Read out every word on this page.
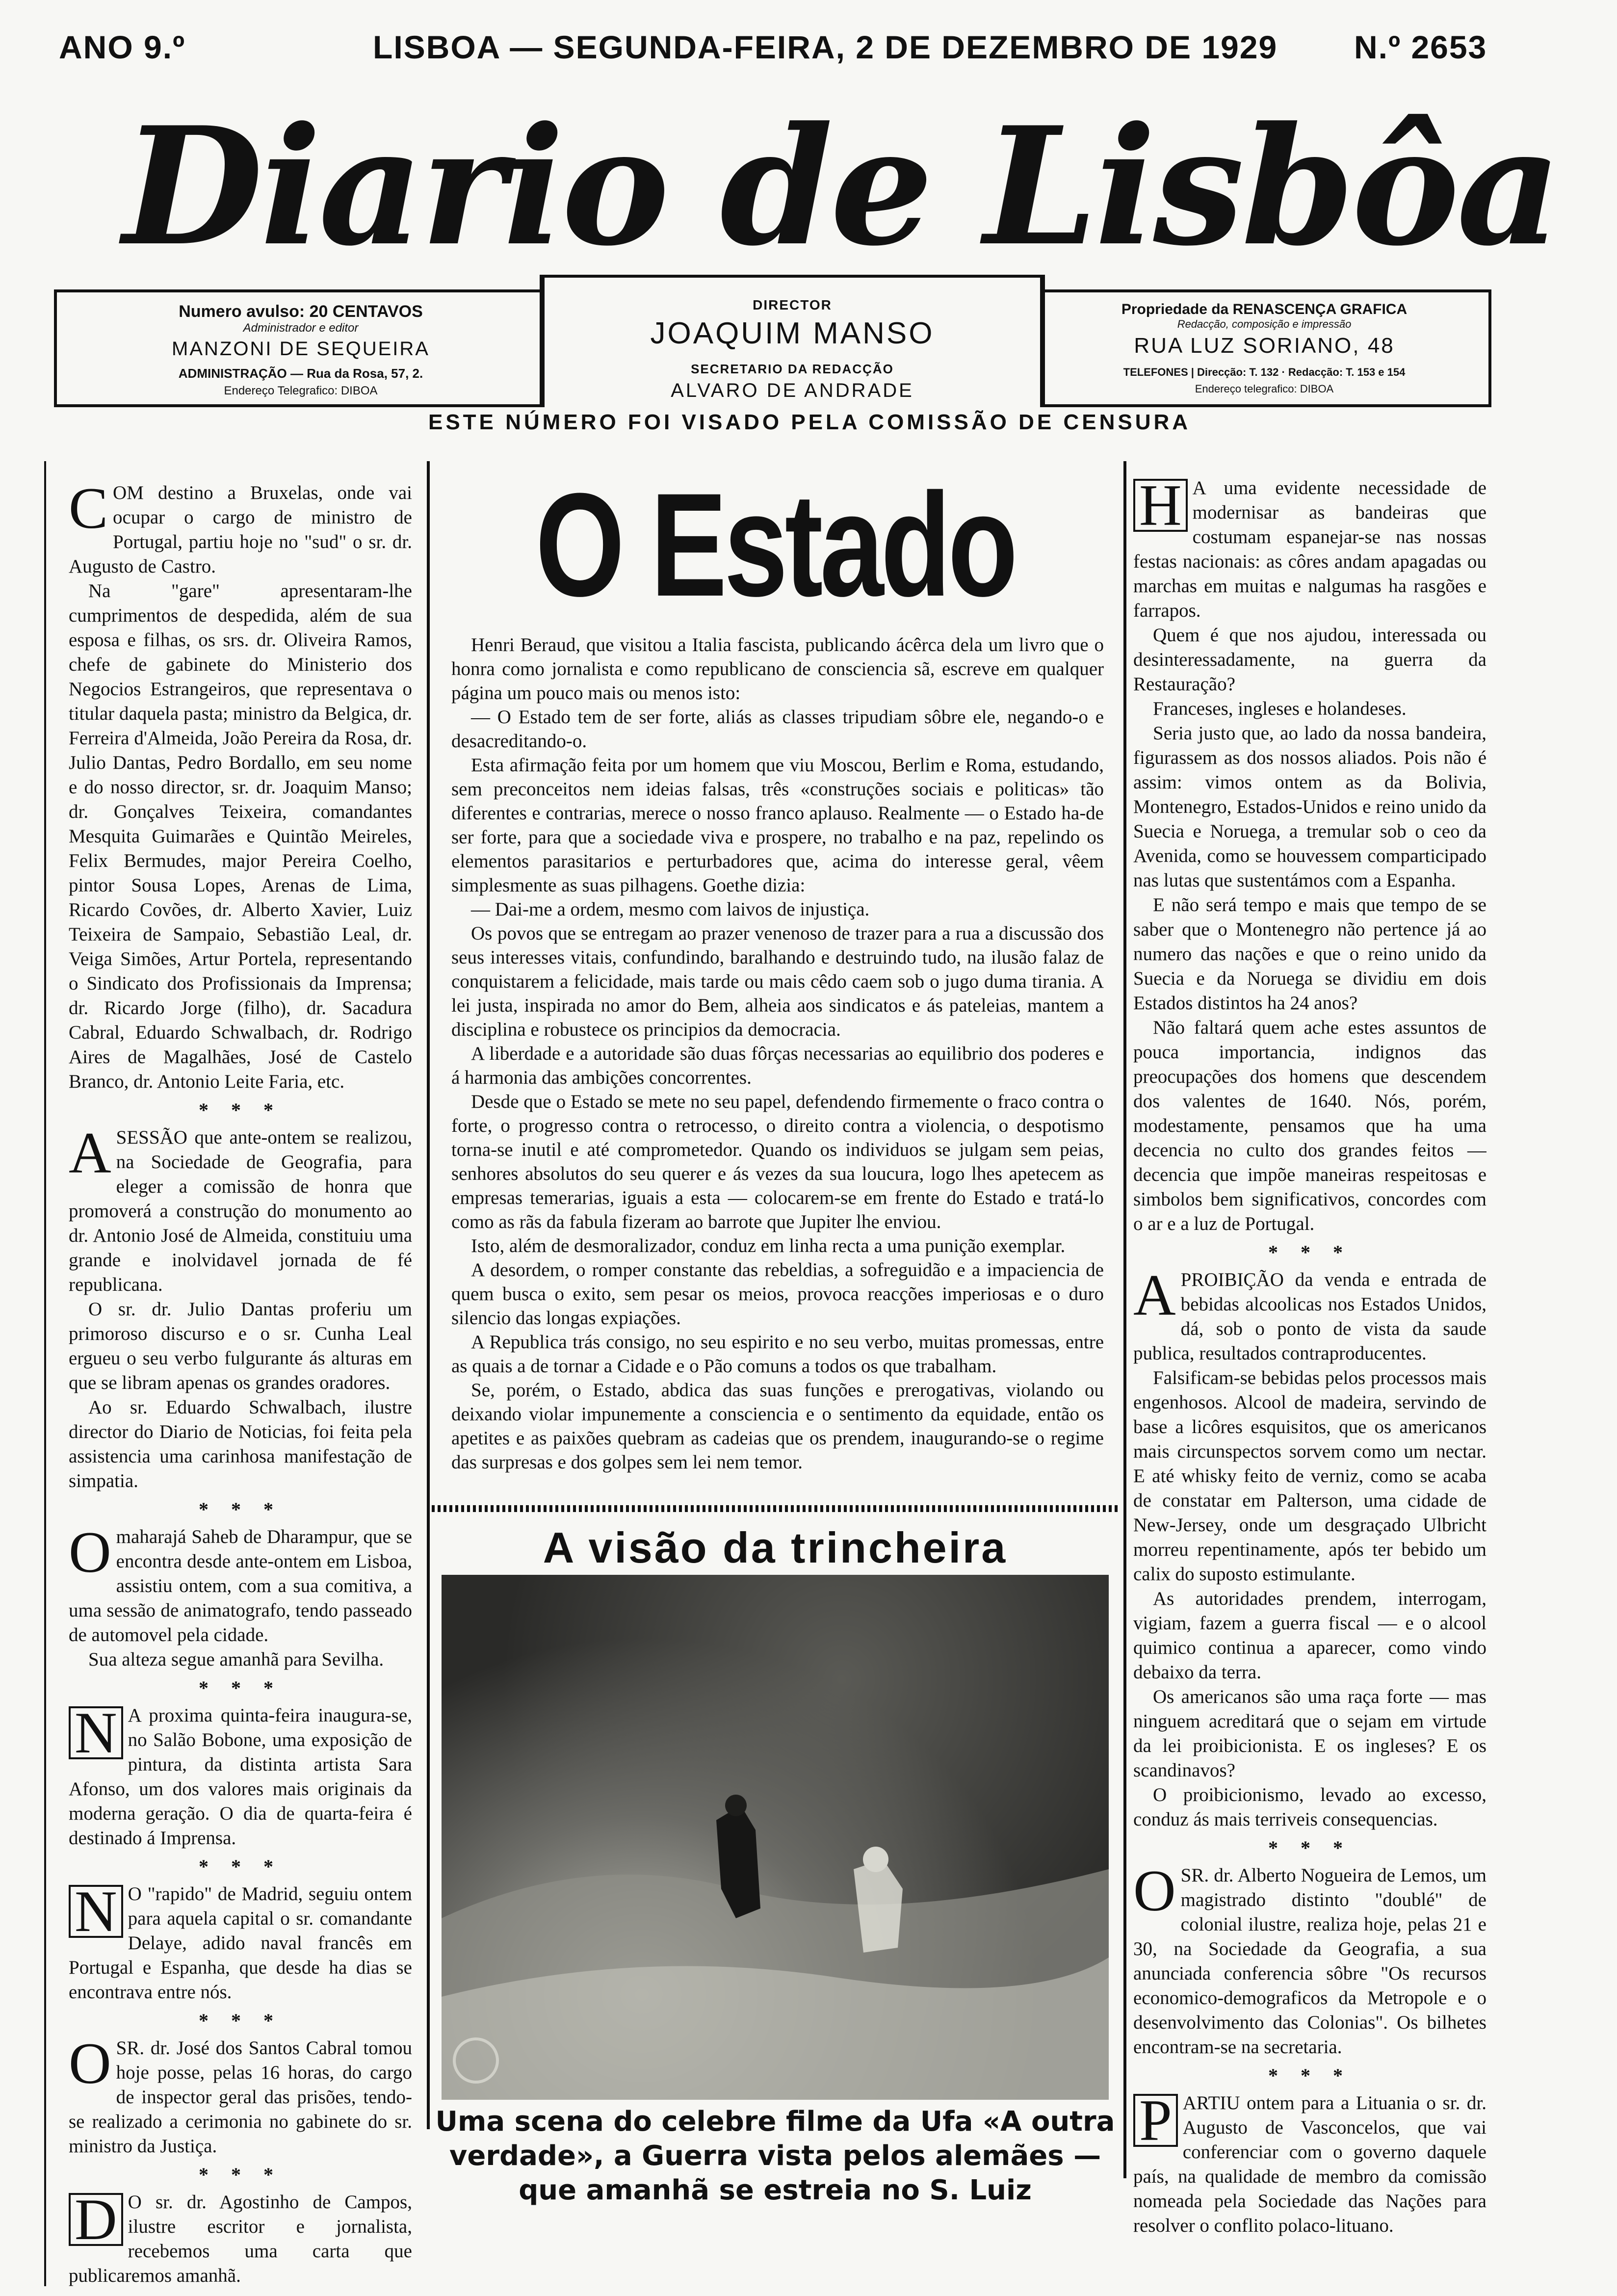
ANO 9.º	LISBOA — SEGUNDA-FEIRA, 2 DE DEZEMBRO DE 1929 N.º 2653
Diario de Lisbôa
Numero avulso: 20 CENTAVOS
Administrador e editor
MANZONI DE SEQUEIRA
ADMINISTRAÇÃO — Rua da Rosa, 57, 2.
Endereço Telegrafico: DIBOA
DIRECTOR
JOAQUIM MANSO
SECRETARIO DA REDACÇÃO
ALVARO DE ANDRADE
Propriedade da RENASCENÇA GRAFICA
Redacção, composição e impressão
RUA LUZ SORIANO, 48
TELEFONES | Direcção: T. 132 · Redacção: T. 153 e 154
Endereço telegrafico: DIBOA
ESTE NÚMERO FOI VISADO PELA COMISSÃO DE CENSURA

COM destino a Bruxelas, onde vai ocupar o cargo de ministro de Portugal, partiu hoje no "sud" o sr. dr. Augusto de Castro.

Na "gare" apresentaram-lhe cumprimentos de despedida, além de sua esposa e filhas, os srs. dr. Oliveira Ramos, chefe de gabinete do Ministerio dos Negocios Estrangeiros, que representava o titular daquela pasta; ministro da Belgica, dr. Ferreira d'Almeida, João Pereira da Rosa, dr. Julio Dantas, Pedro Bordallo, em seu nome e do nosso director, sr. dr. Joaquim Manso; dr. Gonçalves Teixeira, comandantes Mesquita Guimarães e Quintão Meireles, Felix Bermudes, major Pereira Coelho, pintor Sousa Lopes, Arenas de Lima, Ricardo Covões, dr. Alberto Xavier, Luiz Teixeira de Sampaio, Sebastião Leal, dr. Veiga Simões, Artur Portela, representando o Sindicato dos Profissionais da Imprensa; dr. Ricardo Jorge (filho), dr. Sacadura Cabral, Eduardo Schwalbach, dr. Rodrigo Aires de Magalhães, José de Castelo Branco, dr. Antonio Leite Faria, etc.

* * *

ASESSÃO que ante-ontem se realizou, na Sociedade de Geografia, para eleger a comissão de honra que promoverá a construção do monumento ao dr. Antonio José de Almeida, constituiu uma grande e inolvidavel jornada de fé republicana.

O sr. dr. Julio Dantas proferiu um primoroso discurso e o sr. Cunha Leal ergueu o seu verbo fulgurante ás alturas em que se libram apenas os grandes oradores.

Ao sr. Eduardo Schwalbach, ilustre director do Diario de Noticias, foi feita pela assistencia uma carinhosa manifestação de simpatia.

* * *

Omaharajá Saheb de Dharampur, que se encontra desde ante-ontem em Lisboa, assistiu ontem, com a sua comitiva, a uma sessão de animatografo, tendo passeado de automovel pela cidade.

Sua alteza segue amanhã para Sevilha.

* * *

N A proxima quinta-feira inaugura-se, no Salão Bobone, uma exposição de pintura, da distinta artista Sara Afonso, um dos valores mais originais da moderna geração. O dia de quarta-feira é destinado á Imprensa.

* * *

N O "rapido" de Madrid, seguiu ontem para aquela capital o sr. comandante Delaye, adido naval francês em Portugal e Espanha, que desde ha dias se encontrava entre nós.

* * *

OSR. dr. José dos Santos Cabral tomou hoje posse, pelas 16 horas, do cargo de inspector geral das prisões, tendo-se realizado a cerimonia no gabinete do sr. ministro da Justiça.

* * *

D O sr. dr. Agostinho de Campos, ilustre escritor e jornalista, recebemos uma carta que publicaremos amanhã.

O Estado

Henri Beraud, que visitou a Italia fascista, publicando ácêrca dela um livro que o honra como jornalista e como republicano de consciencia sã, escreve em qualquer página um pouco mais ou menos isto:

— O Estado tem de ser forte, aliás as classes tripudiam sôbre ele, negando-o e desacreditando-o.

Esta afirmação feita por um homem que viu Moscou, Berlim e Roma, estudando, sem preconceitos nem ideias falsas, três «construções sociais e politicas» tão diferentes e contrarias, merece o nosso franco aplauso. Realmente — o Estado ha-de ser forte, para que a sociedade viva e prospere, no trabalho e na paz, repelindo os elementos parasitarios e perturbadores que, acima do interesse geral, vêem simplesmente as suas pilhagens. Goethe dizia:

— Dai-me a ordem, mesmo com laivos de injustiça.

Os povos que se entregam ao prazer venenoso de trazer para a rua a discussão dos seus interesses vitais, confundindo, baralhando e destruindo tudo, na ilusão falaz de conquistarem a felicidade, mais tarde ou mais cêdo caem sob o jugo duma tirania. A lei justa, inspirada no amor do Bem, alheia aos sindicatos e ás pateleias, mantem a disciplina e robustece os principios da democracia.

A liberdade e a autoridade são duas fôrças necessarias ao equilibrio dos poderes e á harmonia das ambições concorrentes.

Desde que o Estado se mete no seu papel, defendendo firmemente o fraco contra o forte, o progresso contra o retrocesso, o direito contra a violencia, o despotismo torna-se inutil e até comprometedor. Quando os individuos se julgam sem peias, senhores absolutos do seu querer e ás vezes da sua loucura, logo lhes apetecem as empresas temerarias, iguais a esta — colocarem-se em frente do Estado e tratá-lo como as rãs da fabula fizeram ao barrote que Jupiter lhe enviou.

Isto, além de desmoralizador, conduz em linha recta a uma punição exemplar.

A desordem, o romper constante das rebeldias, a sofreguidão e a impaciencia de quem busca o exito, sem pesar os meios, provoca reacções imperiosas e o duro silencio das longas expiações.

A Republica trás consigo, no seu espirito e no seu verbo, muitas promessas, entre as quais a de tornar a Cidade e o Pão comuns a todos os que trabalham.

Se, porém, o Estado, abdica das suas funções e prerogativas, violando ou deixando violar impunemente a consciencia e o sentimento da equidade, então os apetites e as paixões quebram as cadeias que os prendem, inaugurando-se o regime das surpresas e dos golpes sem lei nem temor.

A visão da trincheira
Uma scena do celebre filme da Ufa «A outra verdade», a Guerra vista pelos alemães — que amanhã se estreia no S. Luiz

H A uma evidente necessidade de modernisar as bandeiras que costumam espanejar-se nas nossas festas nacionais: as côres andam apagadas ou marchas em muitas e nalgumas ha rasgões e farrapos.

Quem é que nos ajudou, interessada ou desinteressadamente, na guerra da Restauração?

Franceses, ingleses e holandeses.

Seria justo que, ao lado da nossa bandeira, figurassem as dos nossos aliados. Pois não é assim: vimos ontem as da Bolivia, Montenegro, Estados-Unidos e reino unido da Suecia e Noruega, a tremular sob o ceo da Avenida, como se houvessem comparticipado nas lutas que sustentámos com a Espanha.

E não será tempo e mais que tempo de se saber que o Montenegro não pertence já ao numero das nações e que o reino unido da Suecia e da Noruega se dividiu em dois Estados distintos ha 24 anos?

Não faltará quem ache estes assuntos de pouca importancia, indignos das preocupações dos homens que descendem dos valentes de 1640. Nós, porém, modestamente, pensamos que ha uma decencia no culto dos grandes feitos — decencia que impõe maneiras respeitosas e simbolos bem significativos, concordes com o ar e a luz de Portugal.

* * *

APROIBIÇÃO da venda e entrada de bebidas alcoolicas nos Estados Unidos, dá, sob o ponto de vista da saude publica, resultados contraproducentes.

Falsificam-se bebidas pelos processos mais engenhosos. Alcool de madeira, servindo de base a licôres esquisitos, que os americanos mais circunspectos sorvem como um nectar. E até whisky feito de verniz, como se acaba de constatar em Palterson, uma cidade de New-Jersey, onde um desgraçado Ulbricht morreu repentinamente, após ter bebido um calix do suposto estimulante.

As autoridades prendem, interrogam, vigiam, fazem a guerra fiscal — e o alcool quimico continua a aparecer, como vindo debaixo da terra.

Os americanos são uma raça forte — mas ninguem acreditará que o sejam em virtude da lei proibicionista. E os ingleses? E os scandinavos?

O proibicionismo, levado ao excesso, conduz ás mais terriveis consequencias.

* * *

OSR. dr. Alberto Nogueira de Lemos, um magistrado distinto "doublé" de colonial ilustre, realiza hoje, pelas 21 e 30, na Sociedade da Geografia, a sua anunciada conferencia sôbre "Os recursos economico-demograficos da Metropole e o desenvolvimento das Colonias". Os bilhetes encontram-se na secretaria.

* * *

P ARTIU ontem para a Lituania o sr. dr. Augusto de Vasconcelos, que vai conferenciar com o governo daquele país, na qualidade de membro da comissão nomeada pela Sociedade das Nações para resolver o conflito polaco-lituano.
